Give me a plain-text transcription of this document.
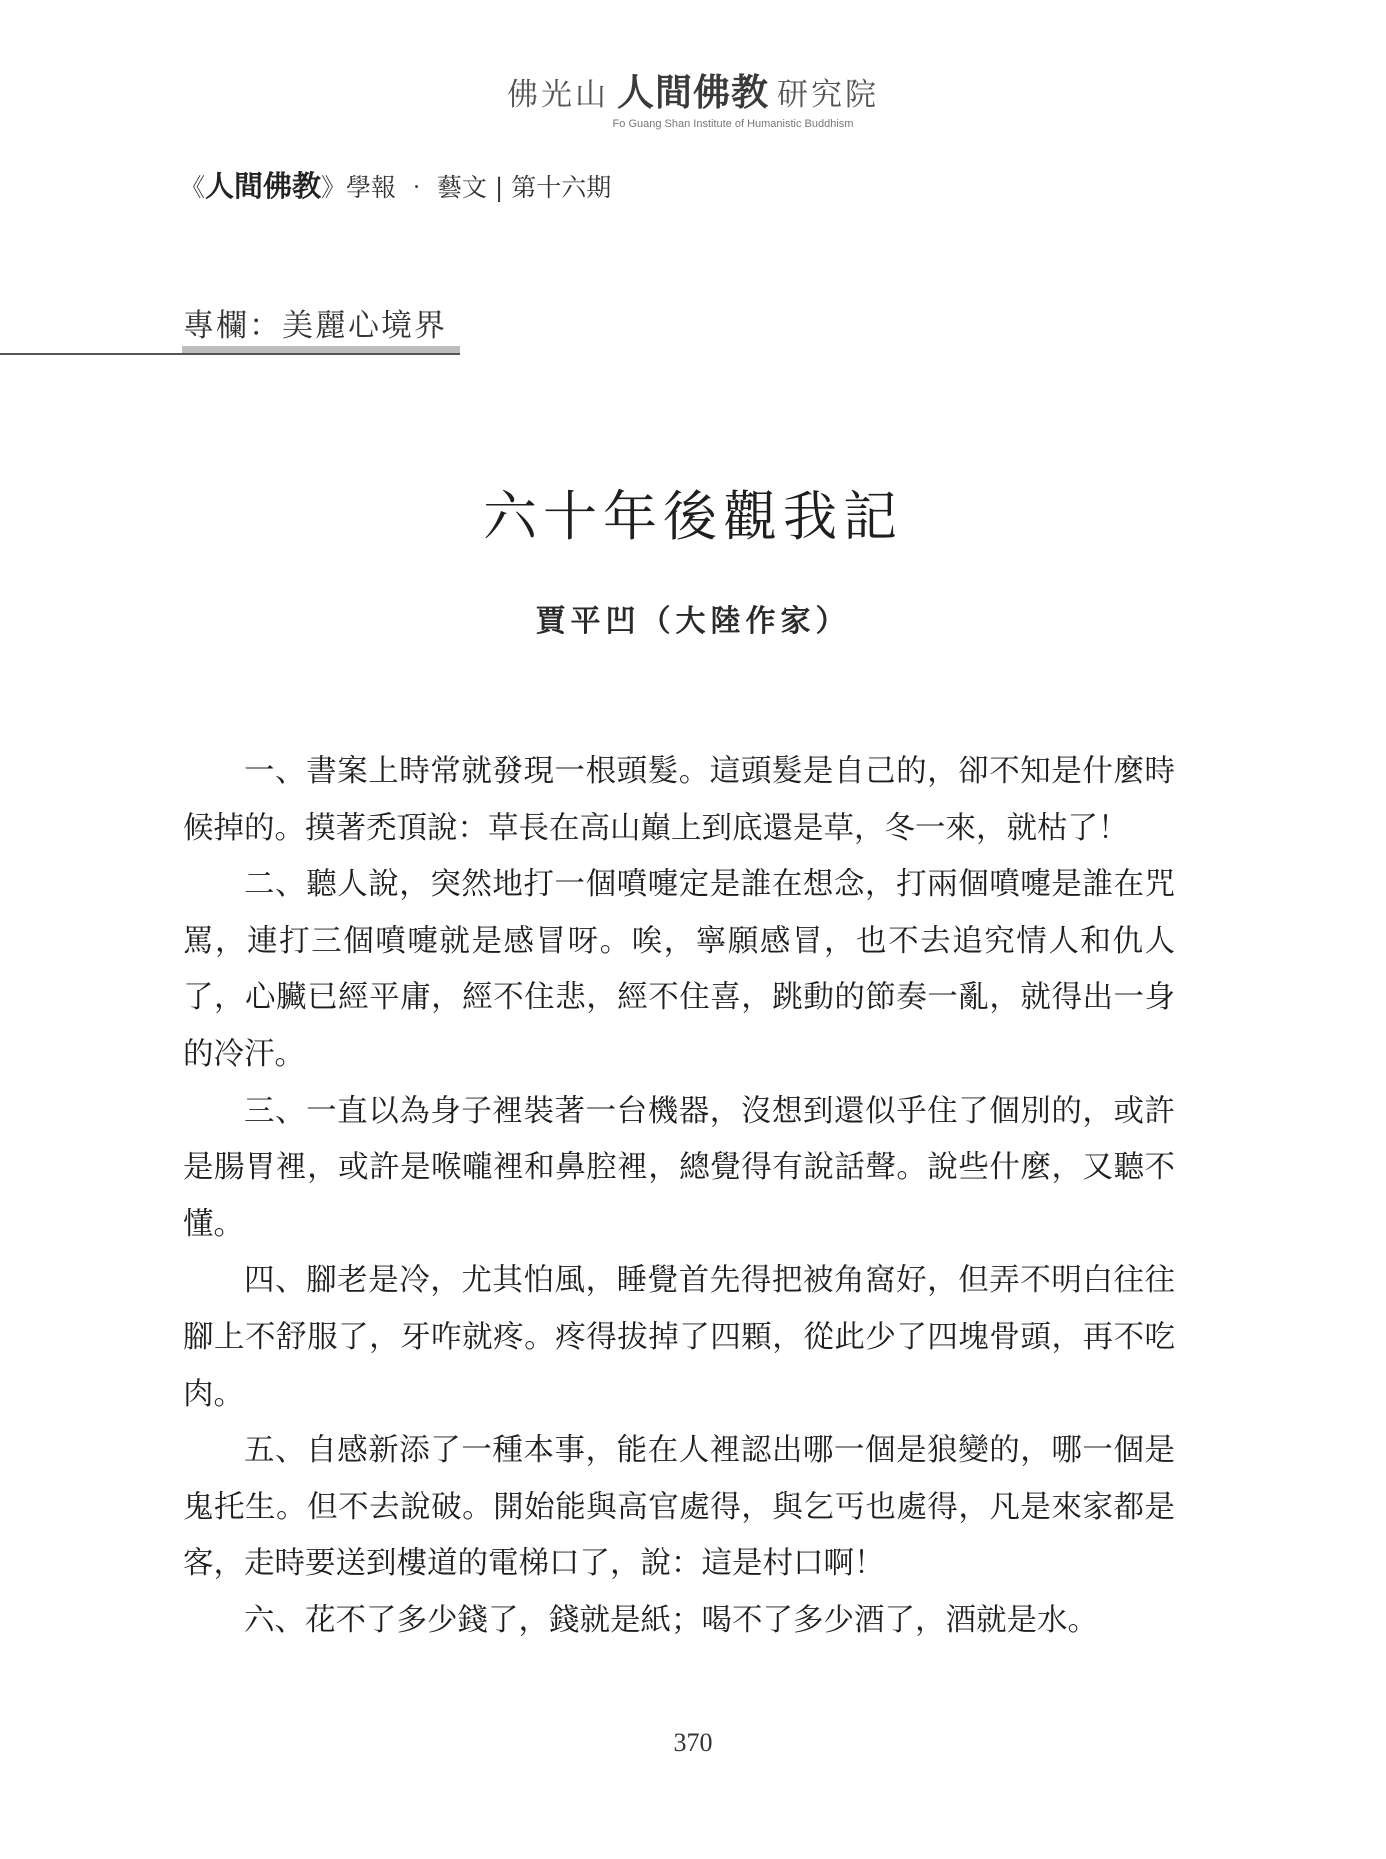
佛光山 人間佛教 研究院
Fo Guang Shan Institute of Humanistic Buddhism
《人間佛教》學報 ‧ 藝文 | 第十六期
專欄：美麗心境界
六十年後觀我記
賈平凹（大陸作家）

一、書案上時常就發現一根頭髮。這頭髮是自己的，卻不知是什麼時候掉的。摸著禿頂說：草長在高山巔上到底還是草，冬一來，就枯了！

二、聽人說，突然地打一個噴嚏定是誰在想念，打兩個噴嚏是誰在咒罵，連打三個噴嚏就是感冒呀。唉，寧願感冒，也不去追究情人和仇人了，心臟已經平庸，經不住悲，經不住喜，跳動的節奏一亂，就得出一身的冷汗。

三、一直以為身子裡裝著一台機器，沒想到還似乎住了個別的，或許是腸胃裡，或許是喉嚨裡和鼻腔裡，總覺得有說話聲。說些什麼，又聽不懂。

四、腳老是冷，尤其怕風，睡覺首先得把被角窩好，但弄不明白往往腳上不舒服了，牙咋就疼。疼得拔掉了四顆，從此少了四塊骨頭，再不吃肉。

五、自感新添了一種本事，能在人裡認出哪一個是狼變的，哪一個是鬼托生。但不去說破。開始能與高官處得，與乞丐也處得，凡是來家都是客，走時要送到樓道的電梯口了，說：這是村口啊！

六、花不了多少錢了，錢就是紙；喝不了多少酒了，酒就是水。

370
